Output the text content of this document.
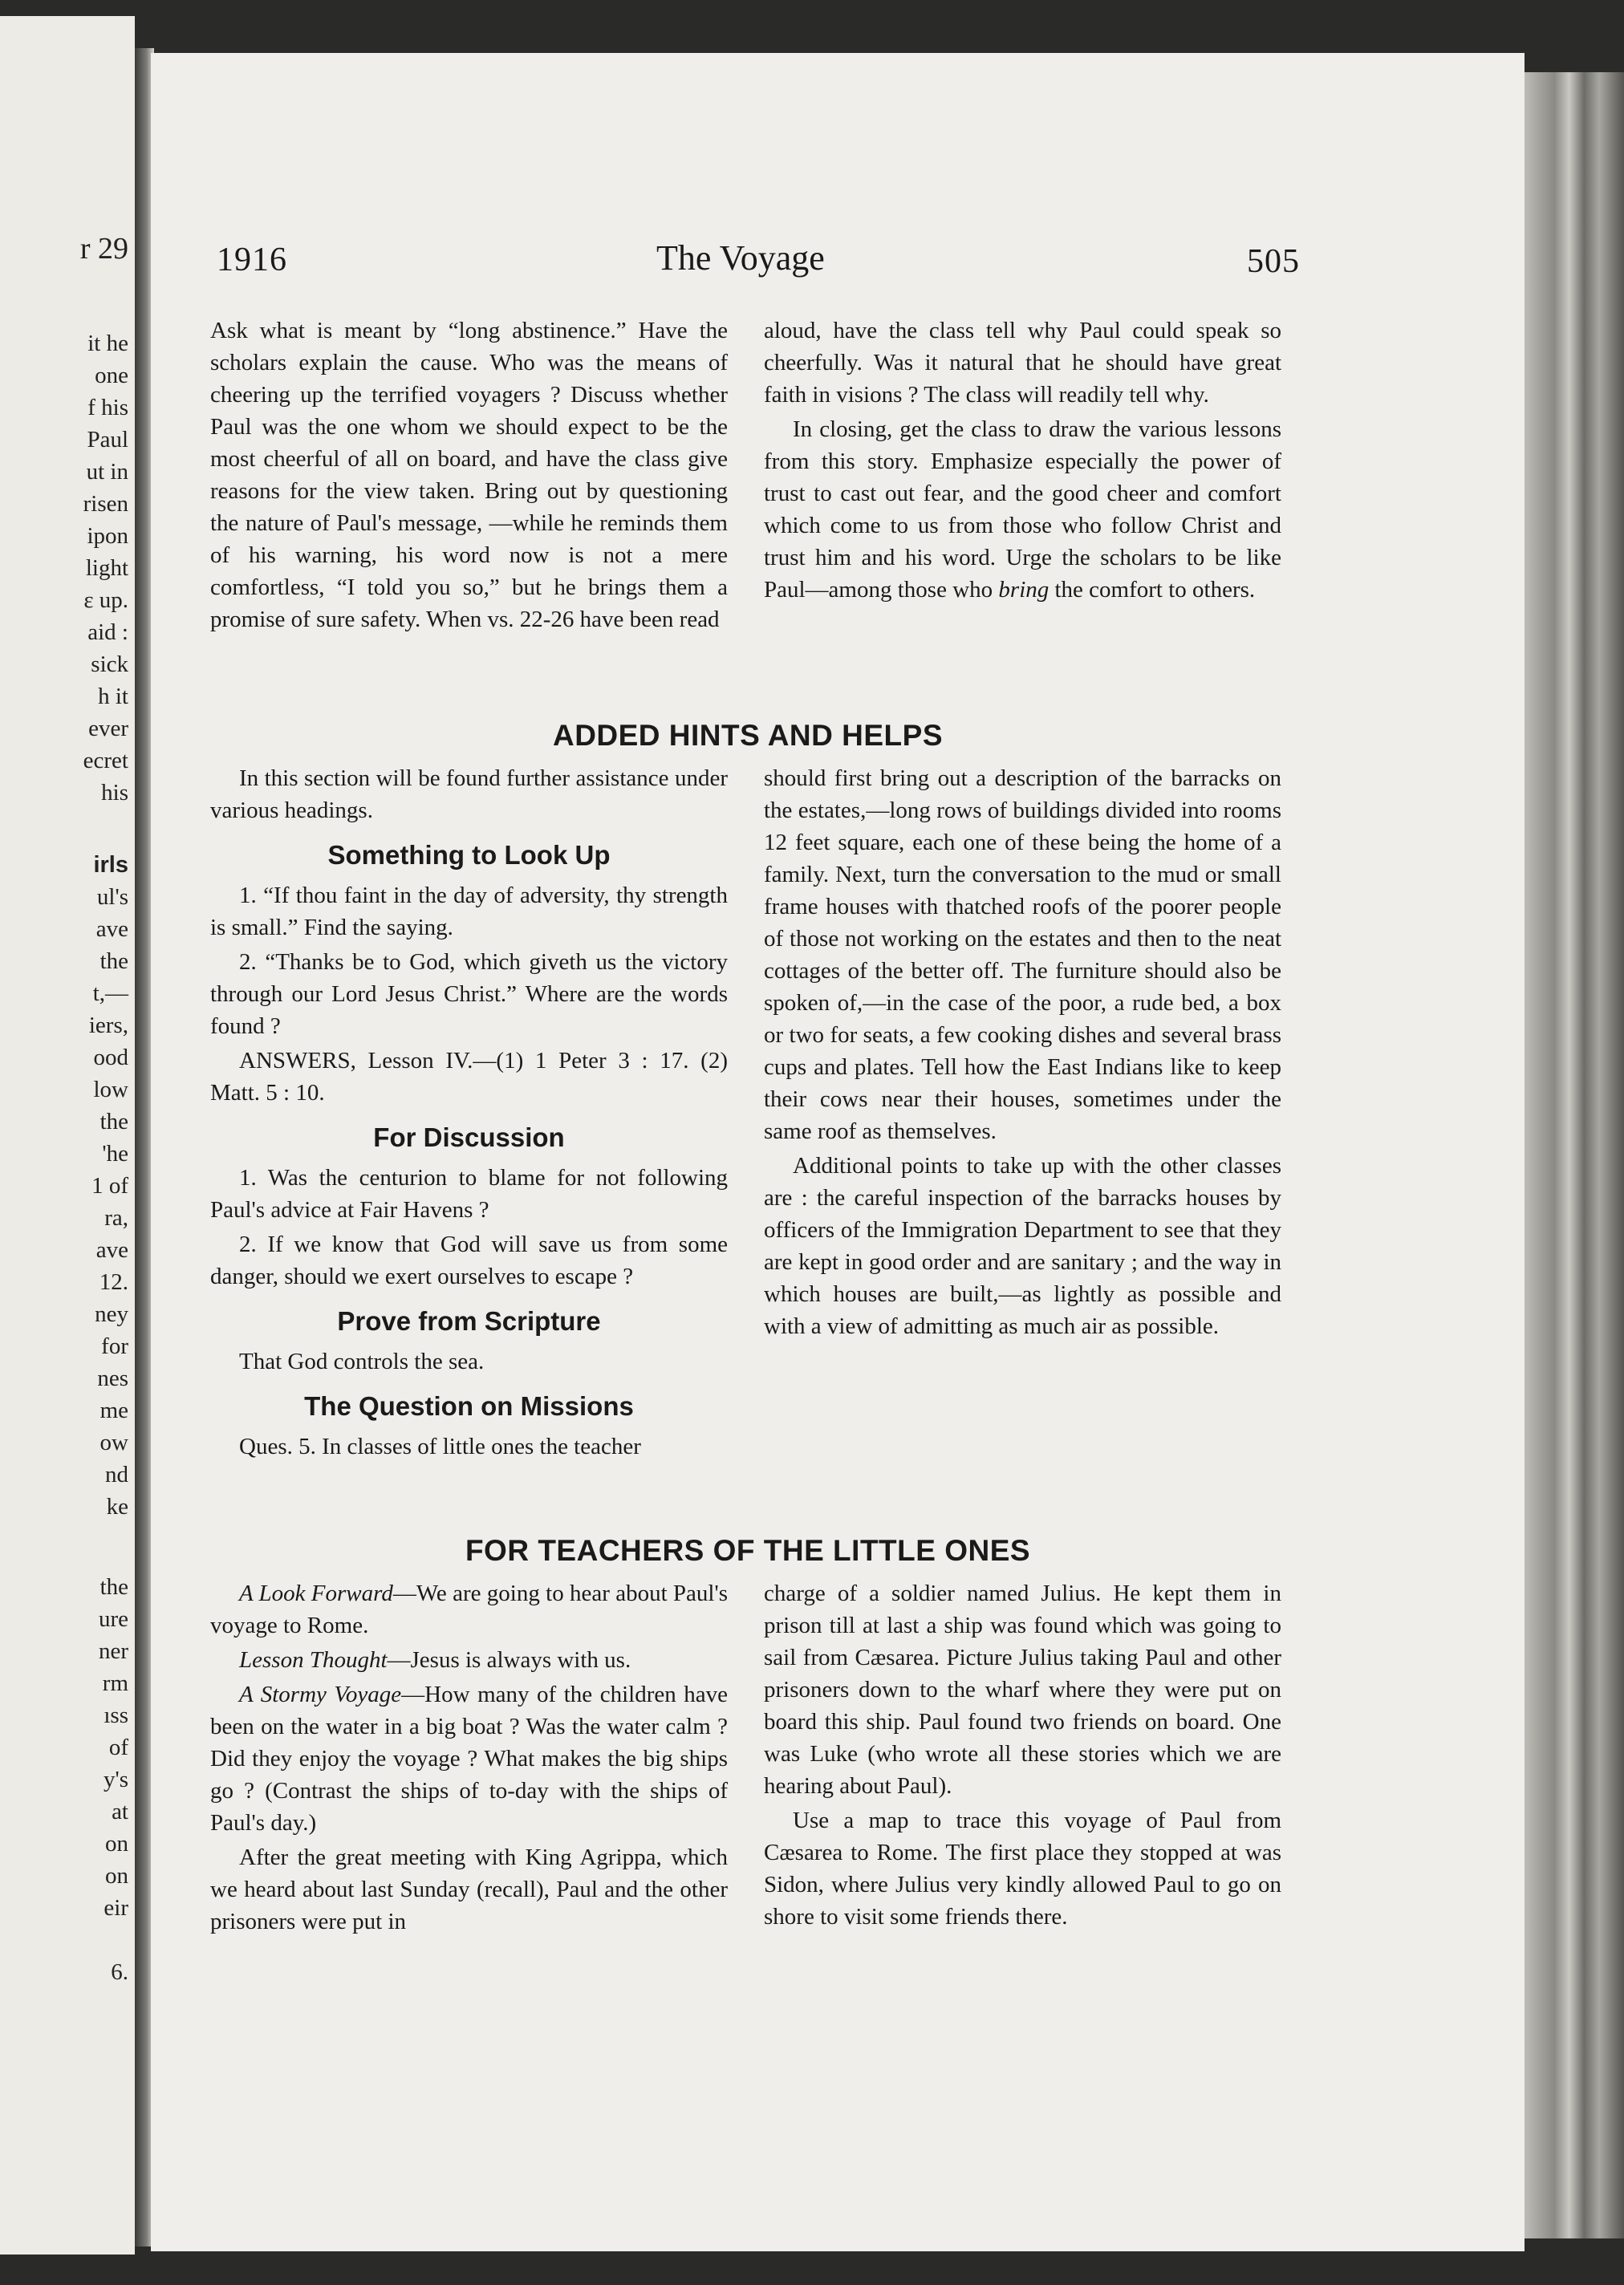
r 29
it he
one
f his
Paul
ut in
risen
ipon
light
ε up.
aid :
sick
h it
ever
ecret
his
irls
ul's
ave
the
t,—
iers,
ood
low
the
'he
1 of
ra,
ave
12.
ney
for
nes
me
ow
nd
ke
the
ure
ner
rm
ıss
of
y's
at
on
on
eir
6.
1916	The Voyage	505

Ask what is meant by “long abstinence.” Have the scholars explain the cause. Who was the means of cheering up the terrified voyagers ? Discuss whether Paul was the one whom we should expect to be the most cheerful of all on board, and have the class give reasons for the view taken. Bring out by questioning the nature of Paul's message, —while he reminds them of his warning, his word now is not a mere comfortless, “I told you so,” but he brings them a promise of sure safety. When vs. 22-26 have been read

aloud, have the class tell why Paul could speak so cheerfully. Was it natural that he should have great faith in visions ? The class will readily tell why.

In closing, get the class to draw the various lessons from this story. Emphasize especially the power of trust to cast out fear, and the good cheer and comfort which come to us from those who follow Christ and trust him and his word. Urge the scholars to be like Paul—among those who bring the comfort to others.

ADDED HINTS AND HELPS

In this section will be found further assistance under various headings.

Something to Look Up

1. “If thou faint in the day of adversity, thy strength is small.” Find the saying.

2. “Thanks be to God, which giveth us the victory through our Lord Jesus Christ.” Where are the words found ?

ANSWERS, Lesson IV.—(1) 1 Peter 3 : 17. (2) Matt. 5 : 10.

For Discussion

1. Was the centurion to blame for not following Paul's advice at Fair Havens ?

2. If we know that God will save us from some danger, should we exert ourselves to escape ?

Prove from Scripture

That God controls the sea.

The Question on Missions

Ques. 5. In classes of little ones the teacher

should first bring out a description of the barracks on the estates,—long rows of buildings divided into rooms 12 feet square, each one of these being the home of a family. Next, turn the conversation to the mud or small frame houses with thatched roofs of the poorer people of those not working on the estates and then to the neat cottages of the better off. The furniture should also be spoken of,—in the case of the poor, a rude bed, a box or two for seats, a few cooking dishes and several brass cups and plates. Tell how the East Indians like to keep their cows near their houses, sometimes under the same roof as themselves.

Additional points to take up with the other classes are : the careful inspection of the barracks houses by officers of the Immigration Department to see that they are kept in good order and are sanitary ; and the way in which houses are built,—as lightly as possible and with a view of admitting as much air as possible.

FOR TEACHERS OF THE LITTLE ONES

A Look Forward—We are going to hear about Paul's voyage to Rome.

Lesson Thought—Jesus is always with us.

A Stormy Voyage—How many of the children have been on the water in a big boat ? Was the water calm ? Did they enjoy the voyage ? What makes the big ships go ? (Contrast the ships of to-day with the ships of Paul's day.)

After the great meeting with King Agrippa, which we heard about last Sunday (recall), Paul and the other prisoners were put in

charge of a soldier named Julius. He kept them in prison till at last a ship was found which was going to sail from Cæsarea. Picture Julius taking Paul and other prisoners down to the wharf where they were put on board this ship. Paul found two friends on board. One was Luke (who wrote all these stories which we are hearing about Paul).

Use a map to trace this voyage of Paul from Cæsarea to Rome. The first place they stopped at was Sidon, where Julius very kindly allowed Paul to go on shore to visit some friends there.
